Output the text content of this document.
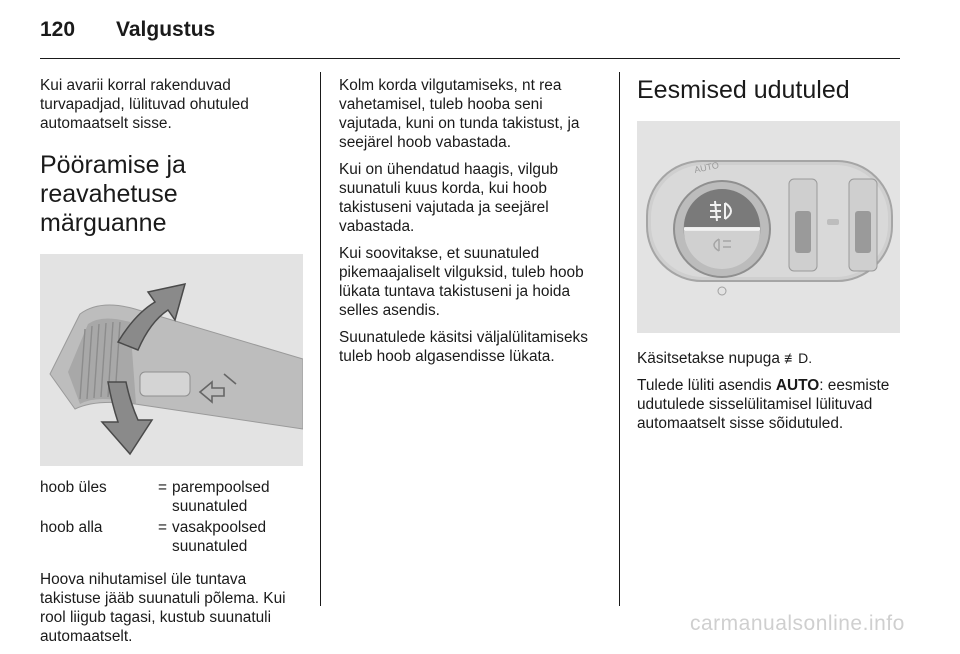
120	Valgustus

Kui avarii korral rakenduvad turvapadjad, lülituvad ohutuled automaatselt sisse.

Pööramise ja reavahetuse märguanne
hoob üles	= parempoolsed suunatuled
hoob alla	= vasakpoolsed suunatuled

Hoova nihutamisel üle tuntava takistuse jääb suunatuli põlema. Kui rool liigub tagasi, kustub suunatuli automaatselt.

Kolm korda vilgutamiseks, nt rea vahetamisel, tuleb hooba seni vajutada, kuni on tunda takistust, ja seejärel hoob vabastada.

Kui on ühendatud haagis, vilgub suunatuli kuus korda, kui hoob takistuseni vajutada ja seejärel vabastada.

Kui soovitakse, et suunatuled pikemaajaliselt vilguksid, tuleb hoob lükata tuntava takistuseni ja hoida selles asendis.

Suunatulede käsitsi väljalülitamiseks tuleb hoob algasendisse lükata.

Eesmised udutuled
AUTO

Käsitsetakse nupuga ≢D.

Tulede lüliti asendis AUTO: eesmiste udutulede sisselülitamisel lülituvad automaatselt sisse sõidutuled.

carmanualsonline.info
